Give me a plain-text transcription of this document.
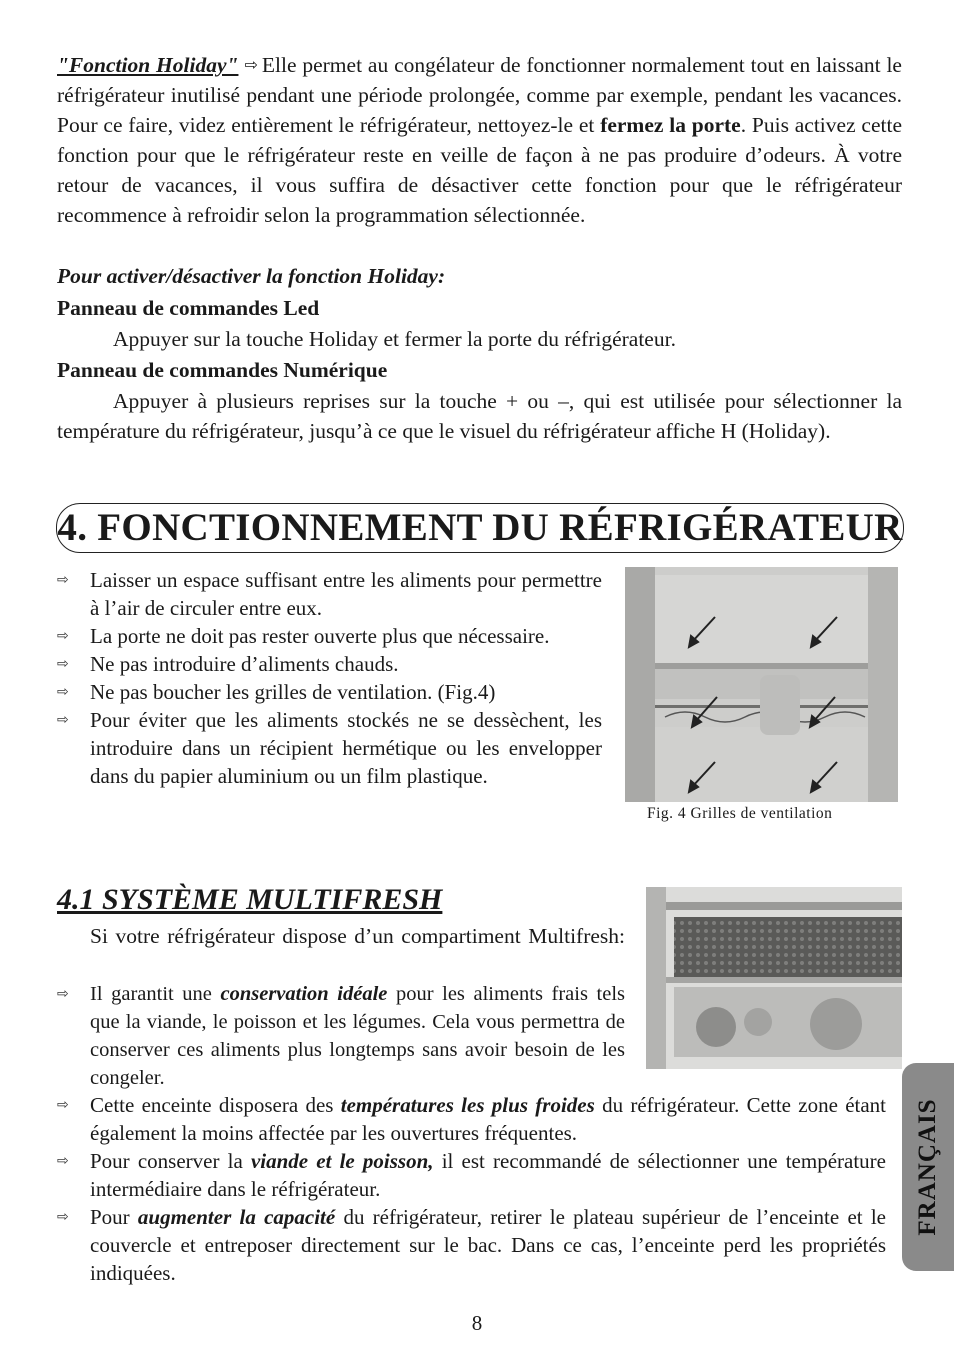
"Fonction Holiday" ⇨ Elle permet au congélateur de fonctionner normalement tout en laissant le réfrigérateur inutilisé pendant une période prolongée, comme par exemple, pendant les vacances. Pour ce faire, videz entièrement le réfrigérateur, nettoyez-le et fermez la porte. Puis activez cette fonction pour que le réfrigérateur reste en veille de façon à ne pas produire d’odeurs. À votre retour de vacances, il vous suffira de désactiver cette fonction pour que le réfrigérateur recommence à refroidir selon la programmation sélectionnée.
Pour activer/désactiver la fonction Holiday:
Panneau de commandes Led
Appuyer sur la touche Holiday et fermer la porte du réfrigérateur.
Panneau de commandes Numérique
Appuyer à plusieurs reprises sur la touche + ou –, qui est utilisée pour sélectionner la température du réfrigérateur, jusqu’à ce que le visuel du réfrigérateur affiche H (Holiday).
4. FONCTIONNEMENT DU RÉFRIGÉRATEUR
⇨ Laisser un espace suffisant entre les aliments pour permettre à l’air de circuler entre eux.
⇨ La porte ne doit pas rester ouverte plus que nécessaire.
⇨ Ne pas introduire d’aliments chauds.
⇨ Ne pas boucher les grilles de ventilation. (Fig.4)
⇨ Pour éviter que les aliments stockés ne se dessèchent, les introduire dans un récipient hermétique ou les envelopper dans du papier aluminium ou un film plastique.
Fig. 4 Grilles de ventilation
4.1 SYSTÈME MULTIFRESH
Si votre réfrigérateur dispose d’un compartiment Multifresh:
⇨ Il garantit une conservation idéale pour les aliments frais tels que la viande, le poisson et les légumes. Cela vous permettra de conserver ces aliments plus longtemps sans avoir besoin de les congeler.
⇨ Cette enceinte disposera des températures les plus froides du réfrigérateur. Cette zone étant également la moins affectée par les ouvertures fréquentes.
⇨ Pour conserver la viande et le poisson, il est recommandé de sélectionner une température intermédiaire dans le réfrigérateur.
⇨ Pour augmenter la capacité du réfrigérateur, retirer le plateau supérieur de l’enceinte et le couvercle et entreposer directement sur le bac. Dans ce cas, l’enceinte perd les propriétés indiquées.
FRANÇAIS
8
